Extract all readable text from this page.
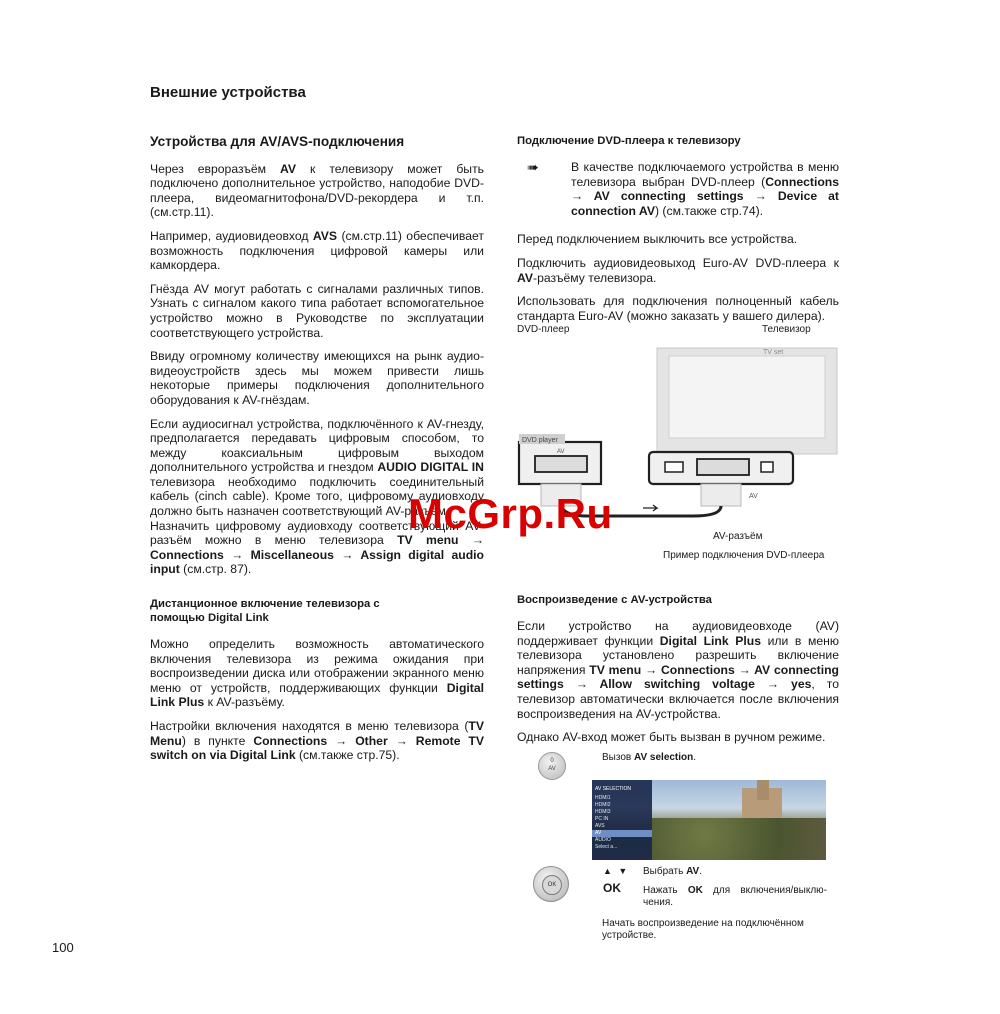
Внешние устройства
Устройства для AV/AVS-подключения

Через евроразъём AV к телевизору может быть подключено дополнительное устройство, наподобие DVD-плеера, видеомагнитофона/DVD-рекордера и т.п. (см.стр.11).

Например, аудиовидеовход AVS (см.стр.11) обеспечивает возможность подключения цифровой камеры или камкордера.

Гнёзда AV могут работать с сигналами различных типов. Узнать с сигналом какого типа работает вспомогательное устройство можно в Руководстве по эксплуатации соответствующего устройства.

Ввиду огромному количеству имеющихся на рынк аудио-видеоустройств здесь мы можем привести лишь некоторые примеры подключения дополнительного оборудования к AV-гнёздам.

Если аудиосигнал устройства, подключённого к AV-гнезду, предполагается передавать цифровым способом, то между коаксиальным цифровым выходом дополнительного устройства и гнездом AUDIO DIGITAL IN телевизора необходимо подключить соединительный кабель (cinch cable). Кроме того, цифровому аудиовходу должно быть назначен соответствующий AV-разъём.

Назначить цифровому аудиовходу соответствующий AV-разъём можно в меню телевизора TV menu → Connections → Miscellaneous → Assign digital audio input (см.стр. 87).

Дистанционное включение телевизора с помощью Digital Link

Можно определить возможность автоматического включения телевизора из режима ожидания при воспроизведении диска или отображении экранного меню меню от устройств, поддерживающих функции Digital Link Plus к AV-разъёму.

Настройки включения находятся в меню телевизора (TV Menu) в пункте Connections → Other → Remote TV switch on via Digital Link (см.также стр.75).

Подключение DVD-плеера к телевизору
➠	В качестве подключаемого устройства в меню телевизора выбран DVD-плеер (Connections → AV connecting settings → Device at connection AV) (см.также стр.74).

Перед подключением выключить все устройства.

Подключить аудиовидеовыход Euro-AV DVD-плеера к AV-разъёму телевизора.

Использовать для подключения полноценный кабель стандарта Euro-AV (можно заказать у вашего дилера).

DVD-плеер	Телевизор
TV set
AV
DVD player
AV
AV-разъём
Пример подключения DVD-плеера
Воспроизведение с AV-устройства

Если устройство на аудиовидеовходе (AV) поддерживает функции Digital Link Plus или в меню телевизора установлено разрешить включение напряжения TV menu → Connections → AV connecting settings → Allow switching voltage → yes, то телевизор автоматически включается после включения воспроизведения на AV-устройства.

Однако AV-вход может быть вызван в ручном режиме.

0
AV
Вызов AV selection.
AV SELECTION
HDMI1
HDMI2
HDMI3
PC IN
AVS
AV
AUDIO
Select a...
OK
▲ ▼ Выбрать AV.
OK Нажать OK для включения/выклю-чения.
Начать воспроизведение на подключённом устройстве.
100
McGrp.Ru
